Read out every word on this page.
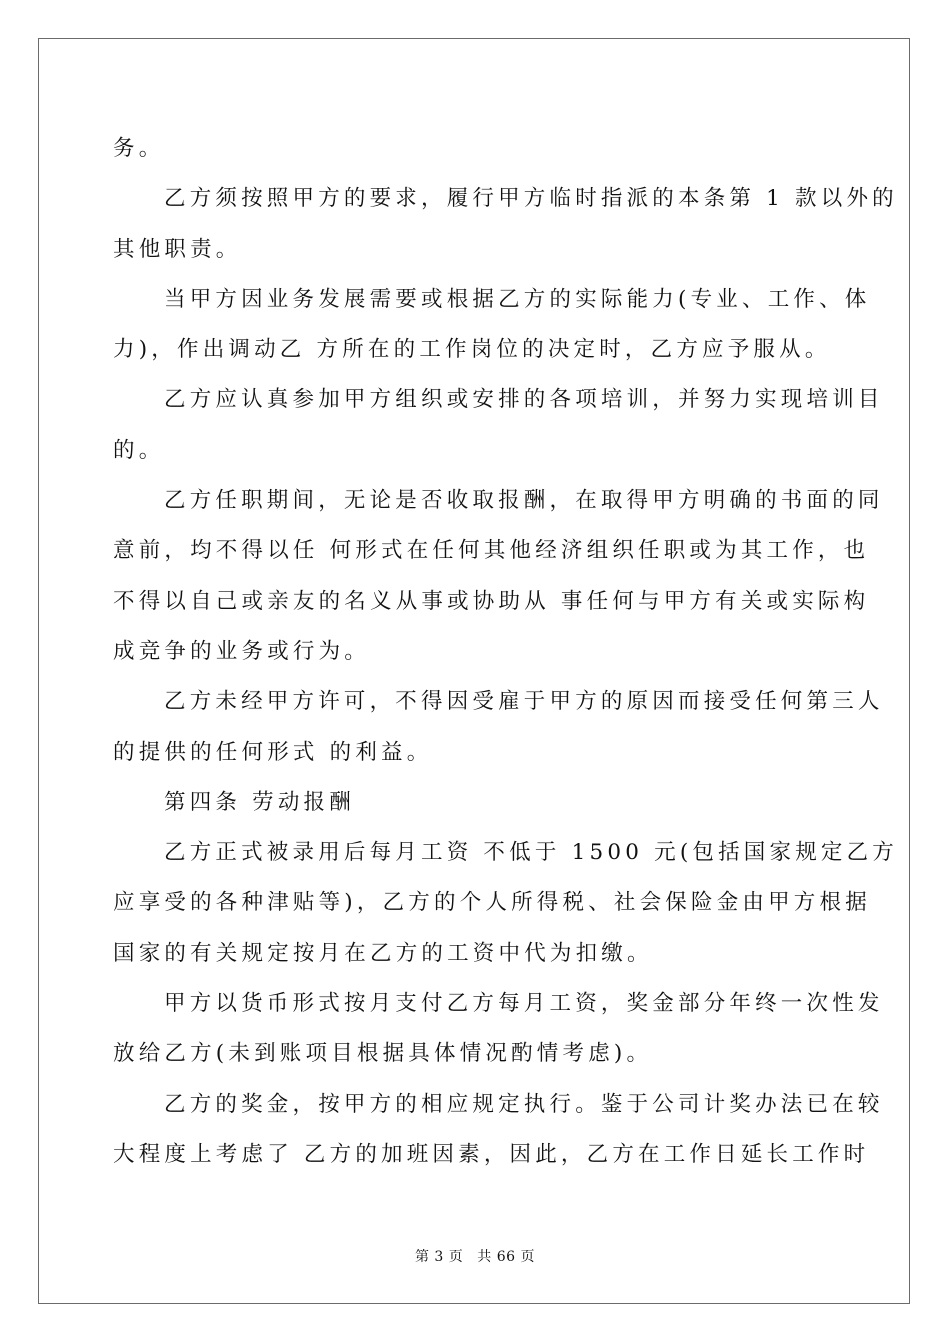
务。
乙方须按照甲方的要求，履行甲方临时指派的本条第 1 款以外的
其他职责。
当甲方因业务发展需要或根据乙方的实际能力(专业、工作、体
力)，作出调动乙 方所在的工作岗位的决定时，乙方应予服从。
乙方应认真参加甲方组织或安排的各项培训，并努力实现培训目
的。
乙方任职期间，无论是否收取报酬，在取得甲方明确的书面的同
意前，均不得以任 何形式在任何其他经济组织任职或为其工作，也
不得以自己或亲友的名义从事或协助从 事任何与甲方有关或实际构
成竞争的业务或行为。
乙方未经甲方许可，不得因受雇于甲方的原因而接受任何第三人
的提供的任何形式 的利益。
第四条 劳动报酬
乙方正式被录用后每月工资 不低于 1500 元(包括国家规定乙方
应享受的各种津贴等)，乙方的个人所得税、社会保险金由甲方根据
国家的有关规定按月在乙方的工资中代为扣缴。
甲方以货币形式按月支付乙方每月工资，奖金部分年终一次性发
放给乙方(未到账项目根据具体情况酌情考虑)。
乙方的奖金，按甲方的相应规定执行。鉴于公司计奖办法已在较
大程度上考虑了 乙方的加班因素，因此，乙方在工作日延长工作时
第 3 页 共 66 页
